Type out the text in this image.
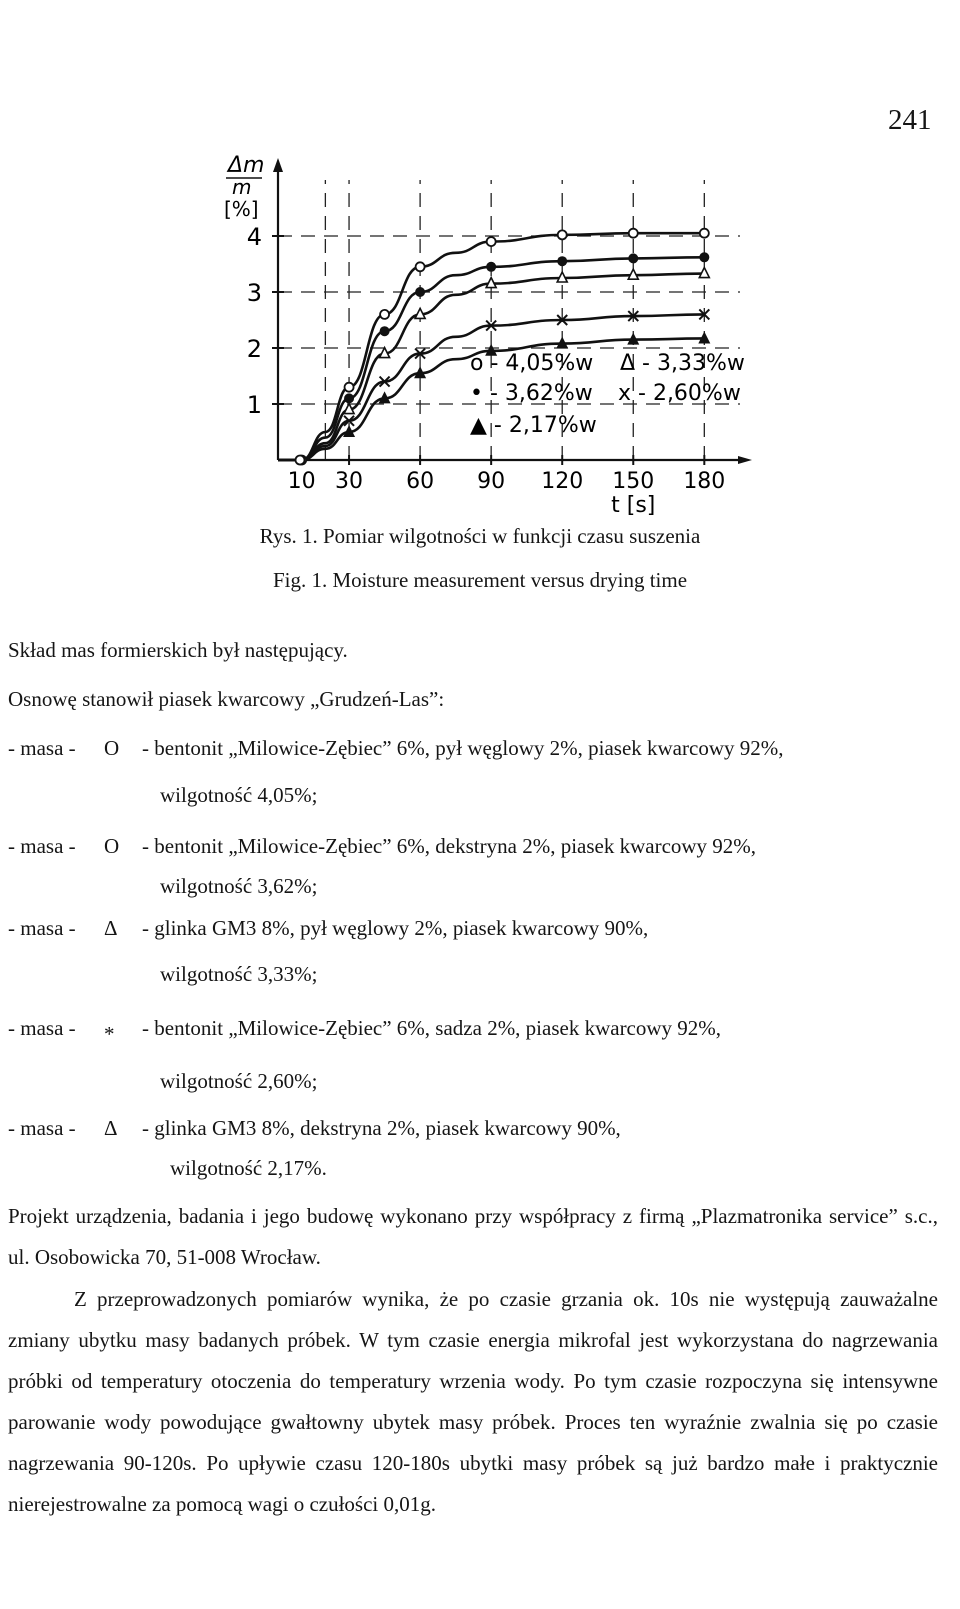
241
1
2
3
4
10 30 60 90 120 150 180
t [s]
Δm
m
[%]
o - 4,05%w
• - 3,62%w
▲ - 2,17%w
Δ - 3,33%w
x - 2,60%w
Rys. 1. Pomiar wilgotności w funkcji czasu suszenia
Fig. 1. Moisture measurement versus drying time
Skład mas formierskich był następujący.
Osnowę stanowił piasek kwarcowy „Grudzeń-Las”:
- masa - O - bentonit „Milowice-Zębiec” 6%, pył węglowy 2%, piasek kwarcowy 92%,
wilgotność 4,05%;
- masa - O - bentonit „Milowice-Zębiec” 6%, dekstryna 2%, piasek kwarcowy 92%,
wilgotność 3,62%;
- masa - Δ - glinka GM3 8%, pył węglowy 2%, piasek kwarcowy 90%,
wilgotność 3,33%;
- masa - * - bentonit „Milowice-Zębiec” 6%, sadza 2%, piasek kwarcowy 92%,
wilgotność 2,60%;
- masa - Δ - glinka GM3 8%, dekstryna 2%, piasek kwarcowy 90%,
wilgotność 2,17%.
Projekt urządzenia, badania i jego budowę wykonano przy współpracy z firmą „Plazmatronika service” s.c., ul. Osobowicka 70, 51-008 Wrocław.
Z przeprowadzonych pomiarów wynika, że po czasie grzania ok. 10s nie występują zauważalne zmiany ubytku masy badanych próbek. W tym czasie energia mikrofal jest wykorzystana do nagrzewania próbki od temperatury otoczenia do temperatury wrzenia wody. Po tym czasie rozpoczyna się intensywne parowanie wody powodujące gwałtowny ubytek masy próbek. Proces ten wyraźnie zwalnia się po czasie nagrzewania 90-120s. Po upływie czasu 120-180s ubytki masy próbek są już bardzo małe i praktycznie nierejestrowalne za pomocą wagi o czułości 0,01g.
